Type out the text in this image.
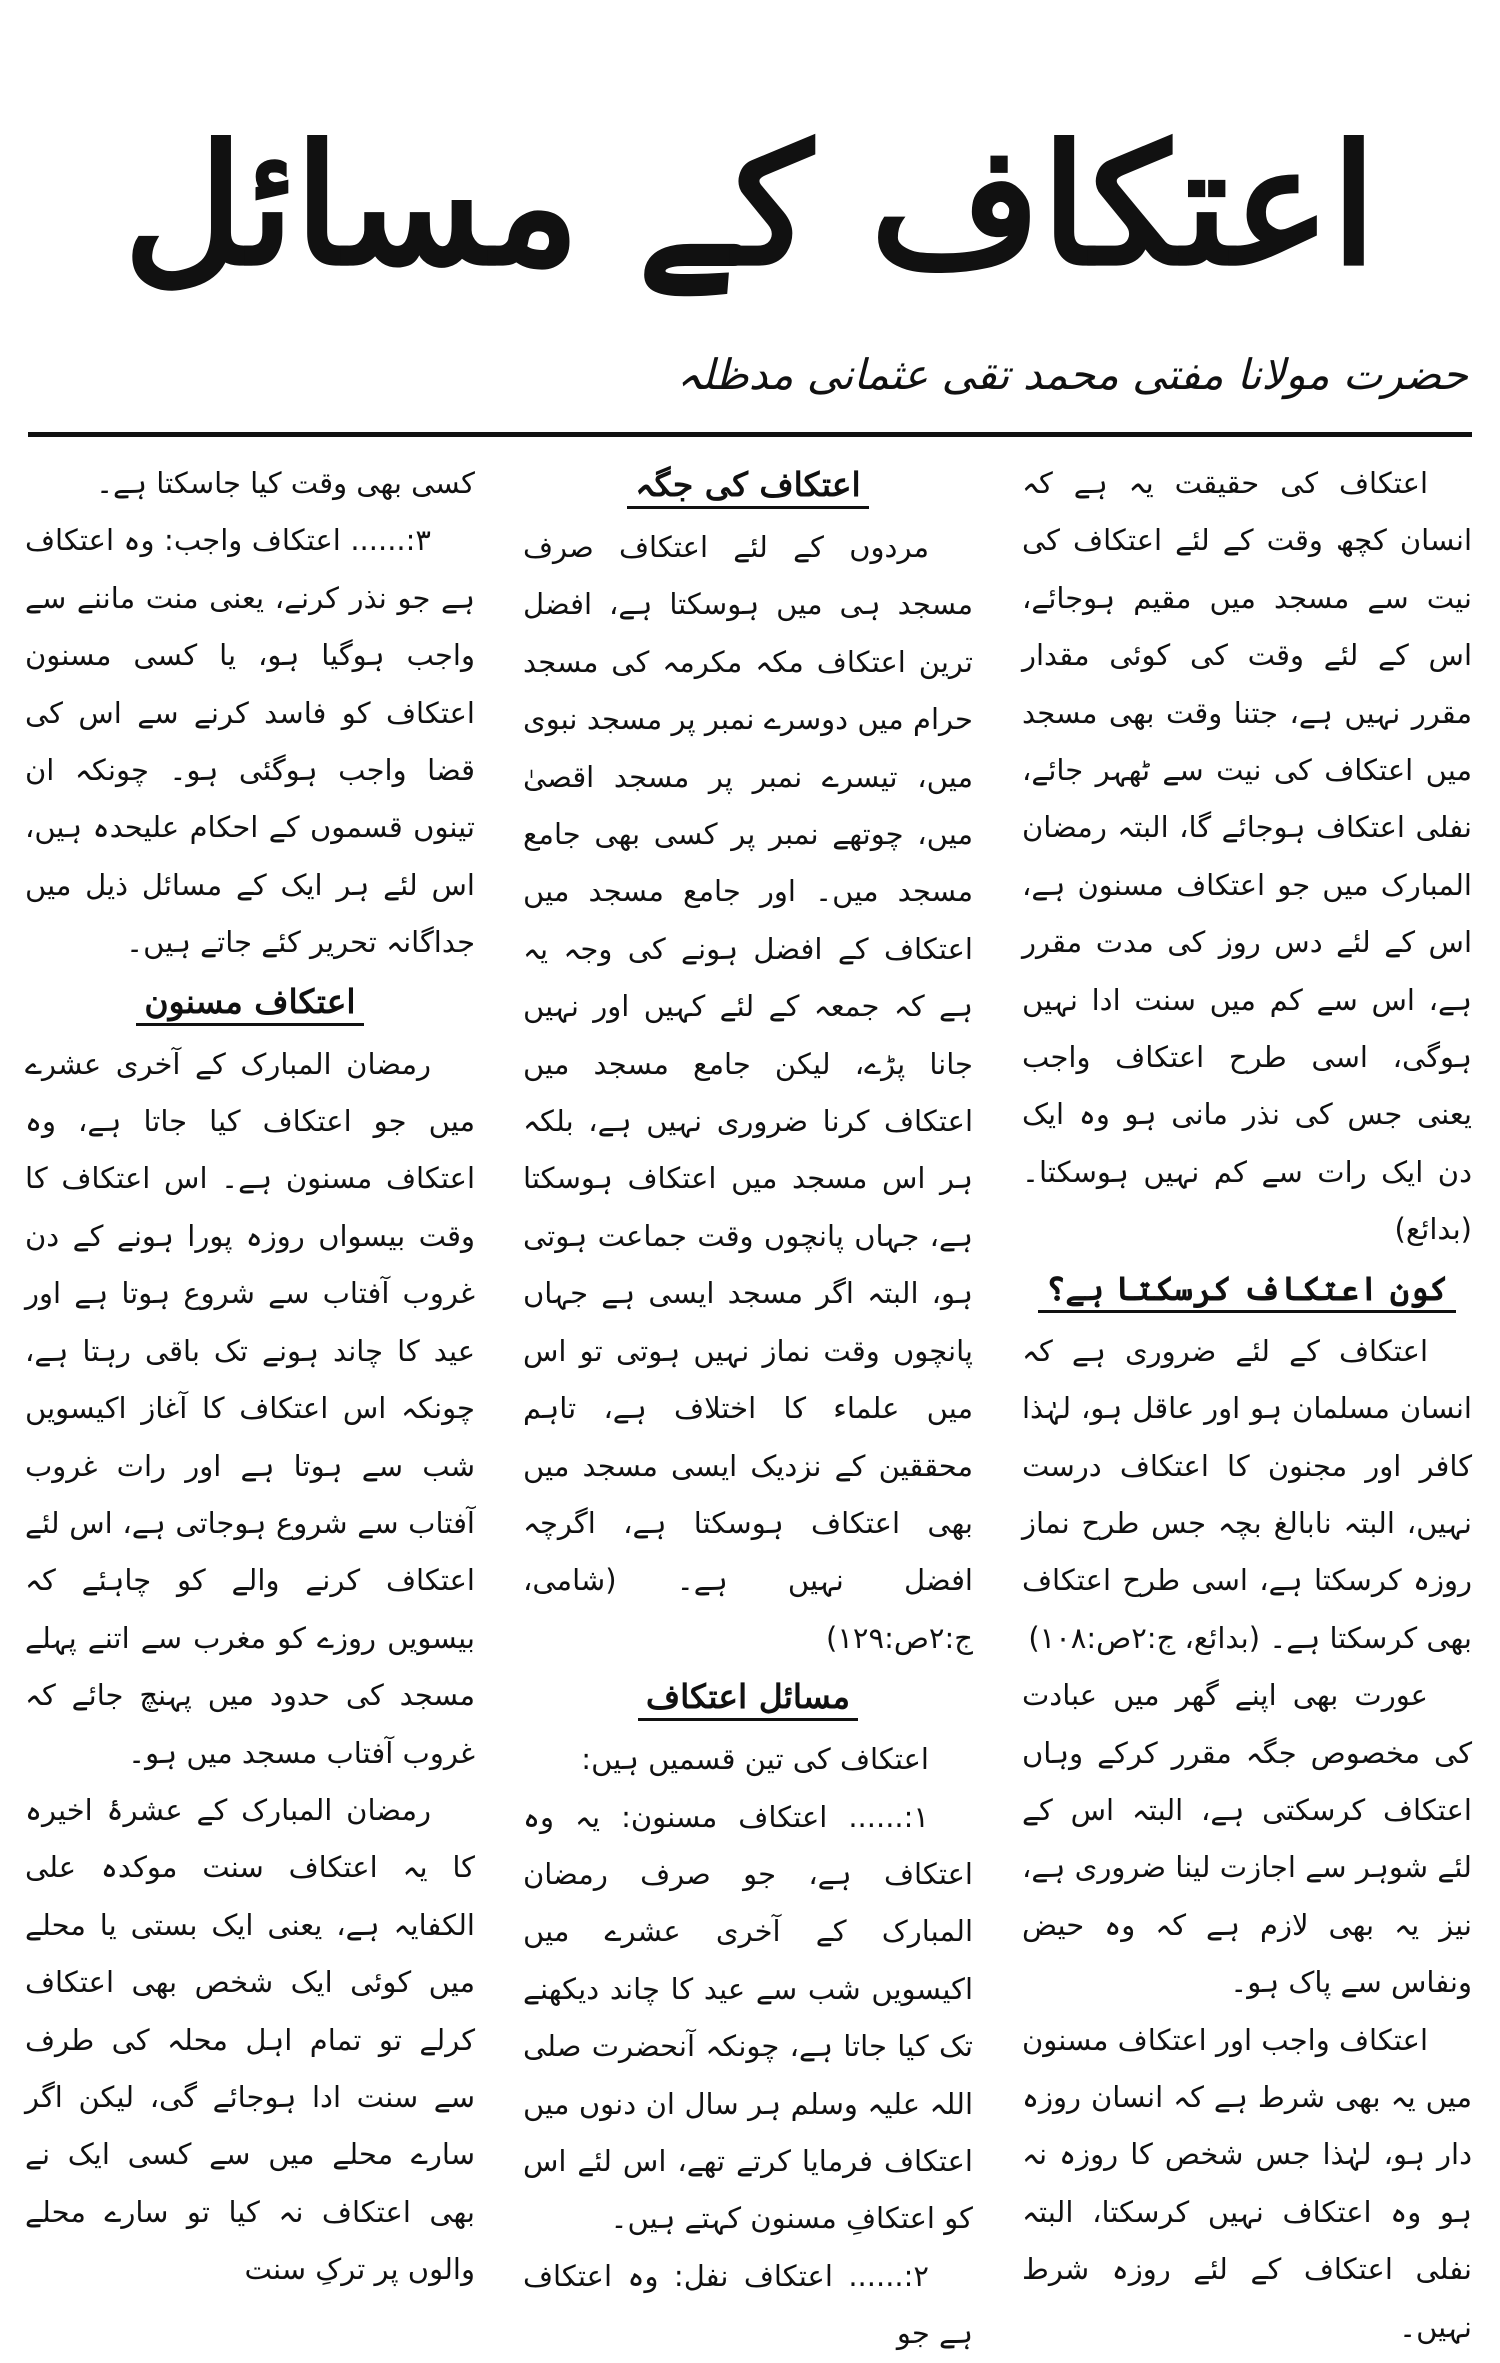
اعتکاف کے مسائل
حضرت مولانا مفتی محمد تقی عثمانی مدظلہ

اعتکاف کی حقیقت یہ ہے کہ انسان کچھ وقت کے لئے اعتکاف کی نیت سے مسجد میں مقیم ہوجائے، اس کے لئے وقت کی کوئی مقدار مقرر نہیں ہے، جتنا وقت بھی مسجد میں اعتکاف کی نیت سے ٹھہر جائے، نفلی اعتکاف ہوجائے گا، البتہ رمضان المبارک میں جو اعتکاف مسنون ہے، اس کے لئے دس روز کی مدت مقرر ہے، اس سے کم میں سنت ادا نہیں ہوگی، اسی طرح اعتکاف واجب یعنی جس کی نذر مانی ہو وہ ایک دن ایک رات سے کم نہیں ہوسکتا۔ (بدائع)

کون اعتکاف کرسکتا ہے؟

اعتکاف کے لئے ضروری ہے کہ انسان مسلمان ہو اور عاقل ہو، لہٰذا کافر اور مجنون کا اعتکاف درست نہیں، البتہ نابالغ بچہ جس طرح نماز روزہ کرسکتا ہے، اسی طرح اعتکاف بھی کرسکتا ہے۔ (بدائع، ج:۲ص:۱۰۸)

عورت بھی اپنے گھر میں عبادت کی مخصوص جگہ مقرر کرکے وہاں اعتکاف کرسکتی ہے، البتہ اس کے لئے شوہر سے اجازت لینا ضروری ہے، نیز یہ بھی لازم ہے کہ وہ حیض ونفاس سے پاک ہو۔

اعتکاف واجب اور اعتکاف مسنون میں یہ بھی شرط ہے کہ انسان روزہ دار ہو، لہٰذا جس شخص کا روزہ نہ ہو وہ اعتکاف نہیں کرسکتا، البتہ نفلی اعتکاف کے لئے روزہ شرط نہیں۔

اعتکاف کی جگہ

مردوں کے لئے اعتکاف صرف مسجد ہی میں ہوسکتا ہے، افضل ترین اعتکاف مکہ مکرمہ کی مسجد حرام میں دوسرے نمبر پر مسجد نبوی میں، تیسرے نمبر پر مسجد اقصیٰ میں، چوتھے نمبر پر کسی بھی جامع مسجد میں۔ اور جامع مسجد میں اعتکاف کے افضل ہونے کی وجہ یہ ہے کہ جمعہ کے لئے کہیں اور نہیں جانا پڑے، لیکن جامع مسجد میں اعتکاف کرنا ضروری نہیں ہے، بلکہ ہر اس مسجد میں اعتکاف ہوسکتا ہے، جہاں پانچوں وقت جماعت ہوتی ہو، البتہ اگر مسجد ایسی ہے جہاں پانچوں وقت نماز نہیں ہوتی تو اس میں علماء کا اختلاف ہے، تاہم محققین کے نزدیک ایسی مسجد میں بھی اعتکاف ہوسکتا ہے، اگرچہ افضل نہیں ہے۔ (شامی، ج:۲ص:۱۲۹)

مسائل اعتکاف

اعتکاف کی تین قسمیں ہیں:

۱:...... اعتکاف مسنون: یہ وہ اعتکاف ہے، جو صرف رمضان المبارک کے آخری عشرے میں اکیسویں شب سے عید کا چاند دیکھنے تک کیا جاتا ہے، چونکہ آنحضرت صلی اللہ علیہ وسلم ہر سال ان دنوں میں اعتکاف فرمایا کرتے تھے، اس لئے اس کو اعتکافِ مسنون کہتے ہیں۔

۲:...... اعتکاف نفل: وہ اعتکاف ہے جو

کسی بھی وقت کیا جاسکتا ہے۔

۳:...... اعتکاف واجب: وہ اعتکاف ہے جو نذر کرنے، یعنی منت ماننے سے واجب ہوگیا ہو، یا کسی مسنون اعتکاف کو فاسد کرنے سے اس کی قضا واجب ہوگئی ہو۔ چونکہ ان تینوں قسموں کے احکام علیحدہ ہیں، اس لئے ہر ایک کے مسائل ذیل میں جداگانہ تحریر کئے جاتے ہیں۔

اعتکاف مسنون

رمضان المبارک کے آخری عشرے میں جو اعتکاف کیا جاتا ہے، وہ اعتکاف مسنون ہے۔ اس اعتکاف کا وقت بیسواں روزہ پورا ہونے کے دن غروب آفتاب سے شروع ہوتا ہے اور عید کا چاند ہونے تک باقی رہتا ہے، چونکہ اس اعتکاف کا آغاز اکیسویں شب سے ہوتا ہے اور رات غروب آفتاب سے شروع ہوجاتی ہے، اس لئے اعتکاف کرنے والے کو چاہئے کہ بیسویں روزے کو مغرب سے اتنے پہلے مسجد کی حدود میں پہنچ جائے کہ غروب آفتاب مسجد میں ہو۔

رمضان المبارک کے عشرۂ اخیرہ کا یہ اعتکاف سنت موکدہ علی الکفایہ ہے، یعنی ایک بستی یا محلے میں کوئی ایک شخص بھی اعتکاف کرلے تو تمام اہل محلہ کی طرف سے سنت ادا ہوجائے گی، لیکن اگر سارے محلے میں سے کسی ایک نے بھی اعتکاف نہ کیا تو سارے محلے والوں پر ترکِ سنت
